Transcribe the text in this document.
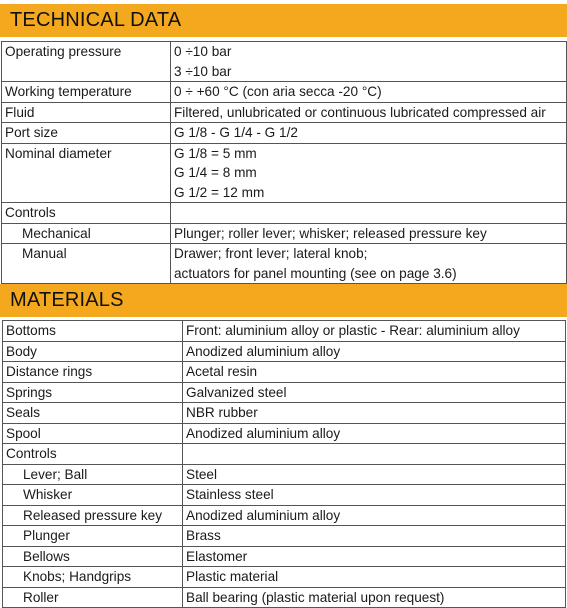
TECHNICAL DATA
Operating pressure	0 ÷10 bar
3 ÷10 bar

Working temperature	0 ÷ +60 °C (con aria secca -20 °C)
Fluid	Filtered, unlubricated or continuous lubricated compressed air
Port size	G 1/8 - G 1/4 - G 1/2
Nominal diameter	G 1/8 = 5 mm
G 1/4 = 8 mm
G 1/2 = 12 mm

Controls	
Mechanical	Plunger; roller lever; whisker; released pressure key
Manual	Drawer; front lever; lateral knob;
actuators for panel mounting (see on page 3.6)
MATERIALS
Bottoms	Front: aluminium alloy or plastic - Rear: aluminium alloy
Body	Anodized aluminium alloy
Distance rings	Acetal resin
Springs	Galvanized steel
Seals	NBR rubber
Spool	Anodized aluminium alloy
Controls	
Lever; Ball	Steel
Whisker	Stainless steel
Released pressure key	Anodized aluminium alloy
Plunger	Brass
Bellows	Elastomer
Knobs; Handgrips	Plastic material
Roller	Ball bearing (plastic material upon request)
